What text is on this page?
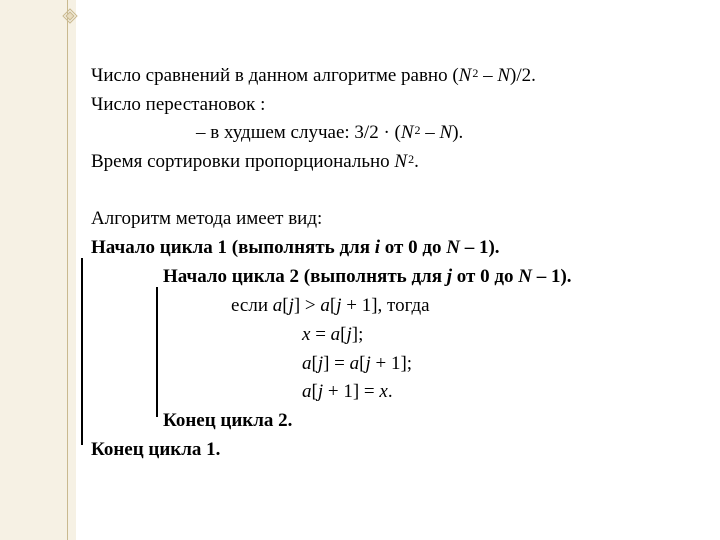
Число сравнений в данном алгоритме равно $(N^2 - N)/2$.
Число перестановок :
– в худшем случае: $3/2 \cdot (N^2 - N)$.
Время сортировки пропорционально $N^2$.
Алгоритм метода имеет вид:
Начало цикла 1 (выполнять для i от 0 до N – 1).
Начало цикла 2 (выполнять для j от 0 до N – 1).
если a[j] > a[j + 1], тогда
x = a[j];
a[j] = a[j + 1];
a[j + 1] = x.
Конец цикла 2.
Конец цикла 1.
